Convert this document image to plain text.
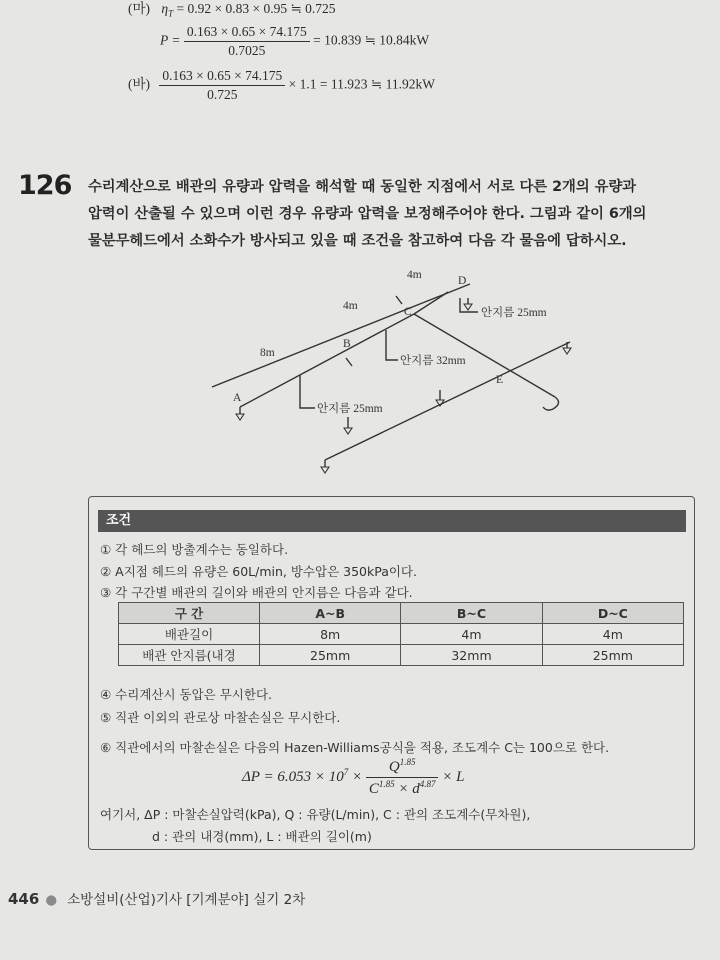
(마) $\eta_T = 0.92 \times 0.83 \times 0.95$ ≒ 0.725
$P = \frac{0.163 \times 0.65 \times 74.175}{0.7025} = 10.839$ ≒ 10.84kW
(바) $\frac{0.163 \times 0.65 \times 74.175}{0.725} \times 1.1 = 11.923$ ≒ 11.92kW
126 수리계산으로 배관의 유량과 압력을 해석할 때 동일한 지점에서 서로 다른 2개의 유량과
압력이 산출될 수 있으며 이런 경우 유량과 압력을 보정해주어야 한다. 그림과 같이 6개의
물분무헤드에서 소화수가 방사되고 있을 때 조건을 참고하여 다음 각 물음에 답하시오.
8m
4m
4m
A
B
C
D
E
안지름 25mm
안지름 32mm
안지름 25mm
조건
① 각 헤드의 방출계수는 동일하다.
② A지점 헤드의 유량은 60L/min, 방수압은 350kPa이다.
③ 각 구간별 배관의 길이와 배관의 안지름은 다음과 같다.
구 간	A~B	B~C	D~C
배관길이	8m	4m	4m
배관 안지름(내경	25mm	32mm	25mm
④ 수리계산시 동압은 무시한다.
⑤ 직관 이외의 관로상 마찰손실은 무시한다.
⑥ 직관에서의 마찰손실은 다음의 Hazen-Williams공식을 적용, 조도계수 C는 100으로 한다.
$\Delta P = 6.053 \times 10^7 \times \frac{Q^{1.85}}{C^{1.85} \times d^{4.87}} \times L$
여기서, ΔP : 마찰손실압력(kPa), Q : 유량(L/min), C : 관의 조도계수(무차원),
d : 관의 내경(mm), L : 배관의 길이(m)
446 ● 소방설비(산업)기사 [기계분야] 실기 2차
